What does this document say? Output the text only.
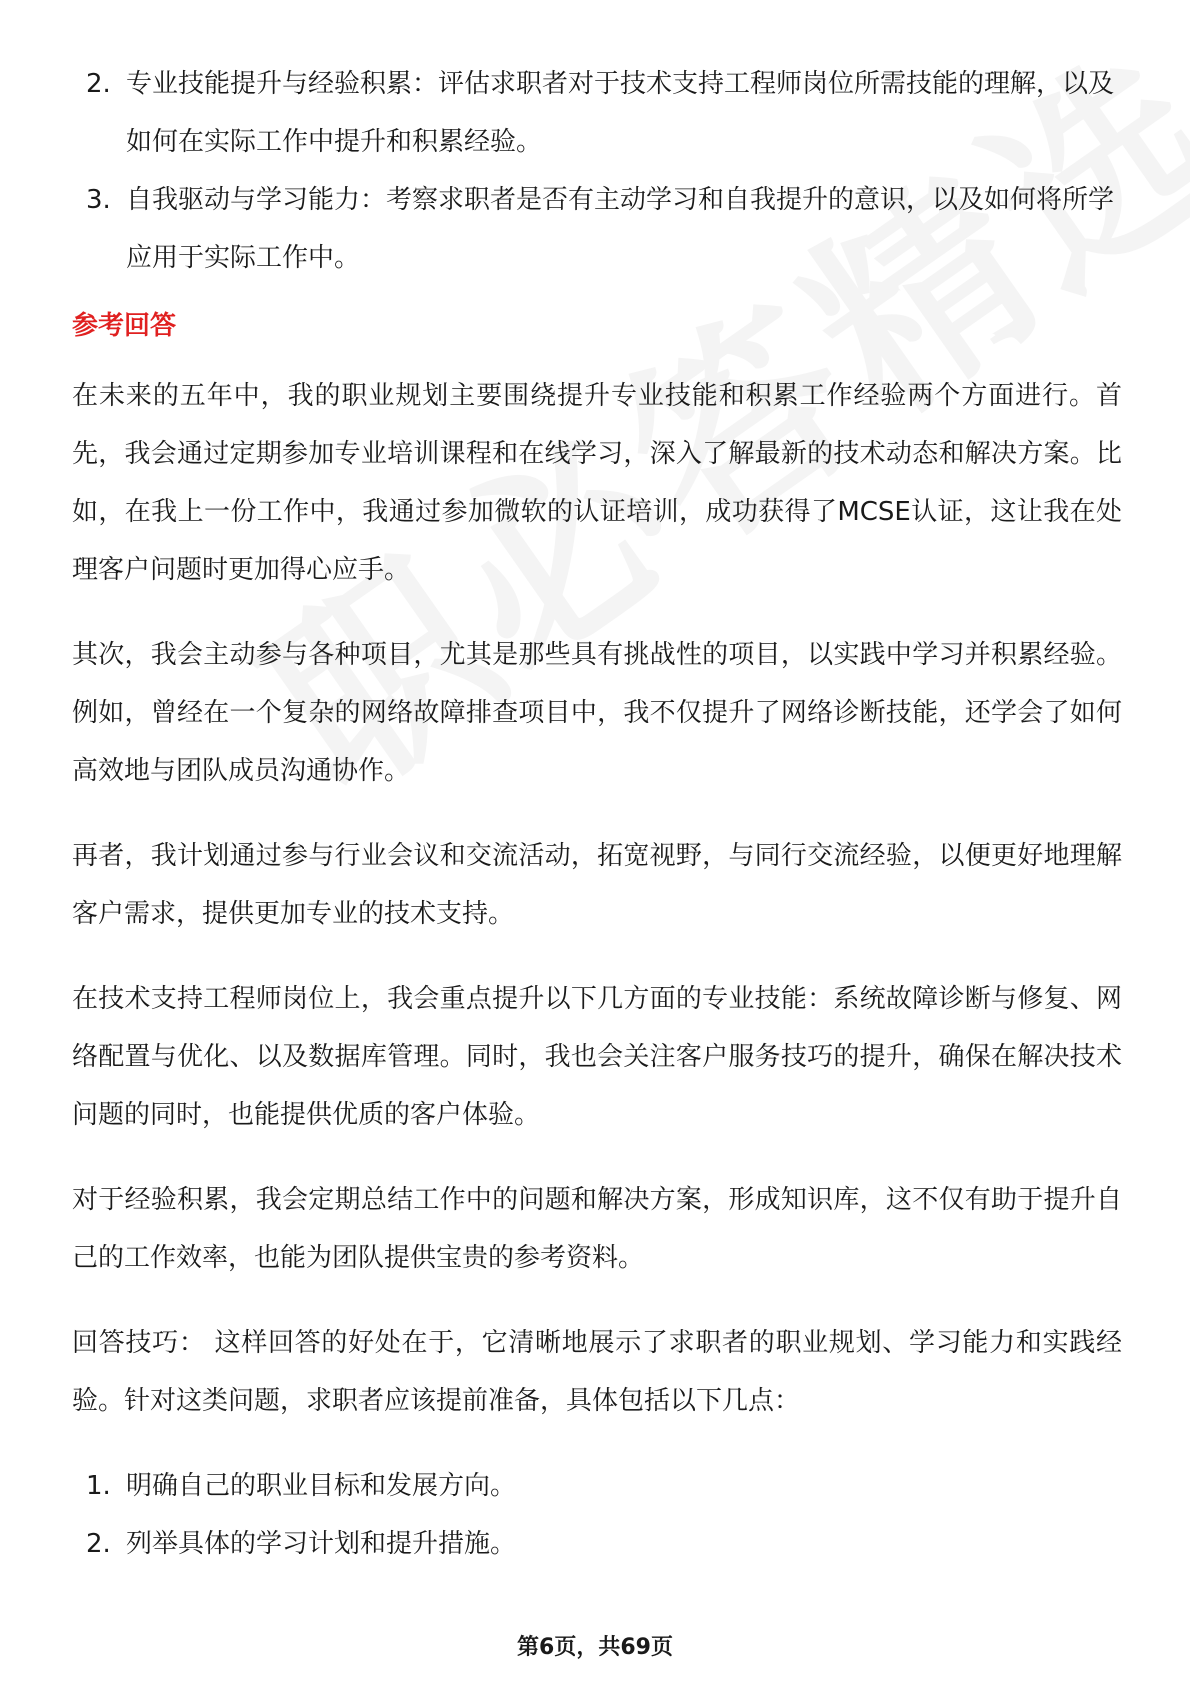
2. 专业技能提升与经验积累：评估求职者对于技术支持工程师岗位所需技能的理解，以及如何在实际工作中提升和积累经验。
3. 自我驱动与学习能力：考察求职者是否有主动学习和自我提升的意识，以及如何将所学应用于实际工作中。
参考回答

在未来的五年中，我的职业规划主要围绕提升专业技能和积累工作经验两个方面进行。首先，我会通过定期参加专业培训课程和在线学习，深入了解最新的技术动态和解决方案。比如，在我上一份工作中，我通过参加微软的认证培训，成功获得了MCSE认证，这让我在处理客户问题时更加得心应手。

其次，我会主动参与各种项目，尤其是那些具有挑战性的项目，以实践中学习并积累经验。例如，曾经在一个复杂的网络故障排查项目中，我不仅提升了网络诊断技能，还学会了如何高效地与团队成员沟通协作。

再者，我计划通过参与行业会议和交流活动，拓宽视野，与同行交流经验，以便更好地理解客户需求，提供更加专业的技术支持。

在技术支持工程师岗位上，我会重点提升以下几方面的专业技能：系统故障诊断与修复、网络配置与优化、以及数据库管理。同时，我也会关注客户服务技巧的提升，确保在解决技术问题的同时，也能提供优质的客户体验。

对于经验积累，我会定期总结工作中的问题和解决方案，形成知识库，这不仅有助于提升自己的工作效率，也能为团队提供宝贵的参考资料。

回答技巧： 这样回答的好处在于，它清晰地展示了求职者的职业规划、学习能力和实践经验。针对这类问题，求职者应该提前准备，具体包括以下几点：

1. 明确自己的职业目标和发展方向。
2. 列举具体的学习计划和提升措施。
第6页，共69页
